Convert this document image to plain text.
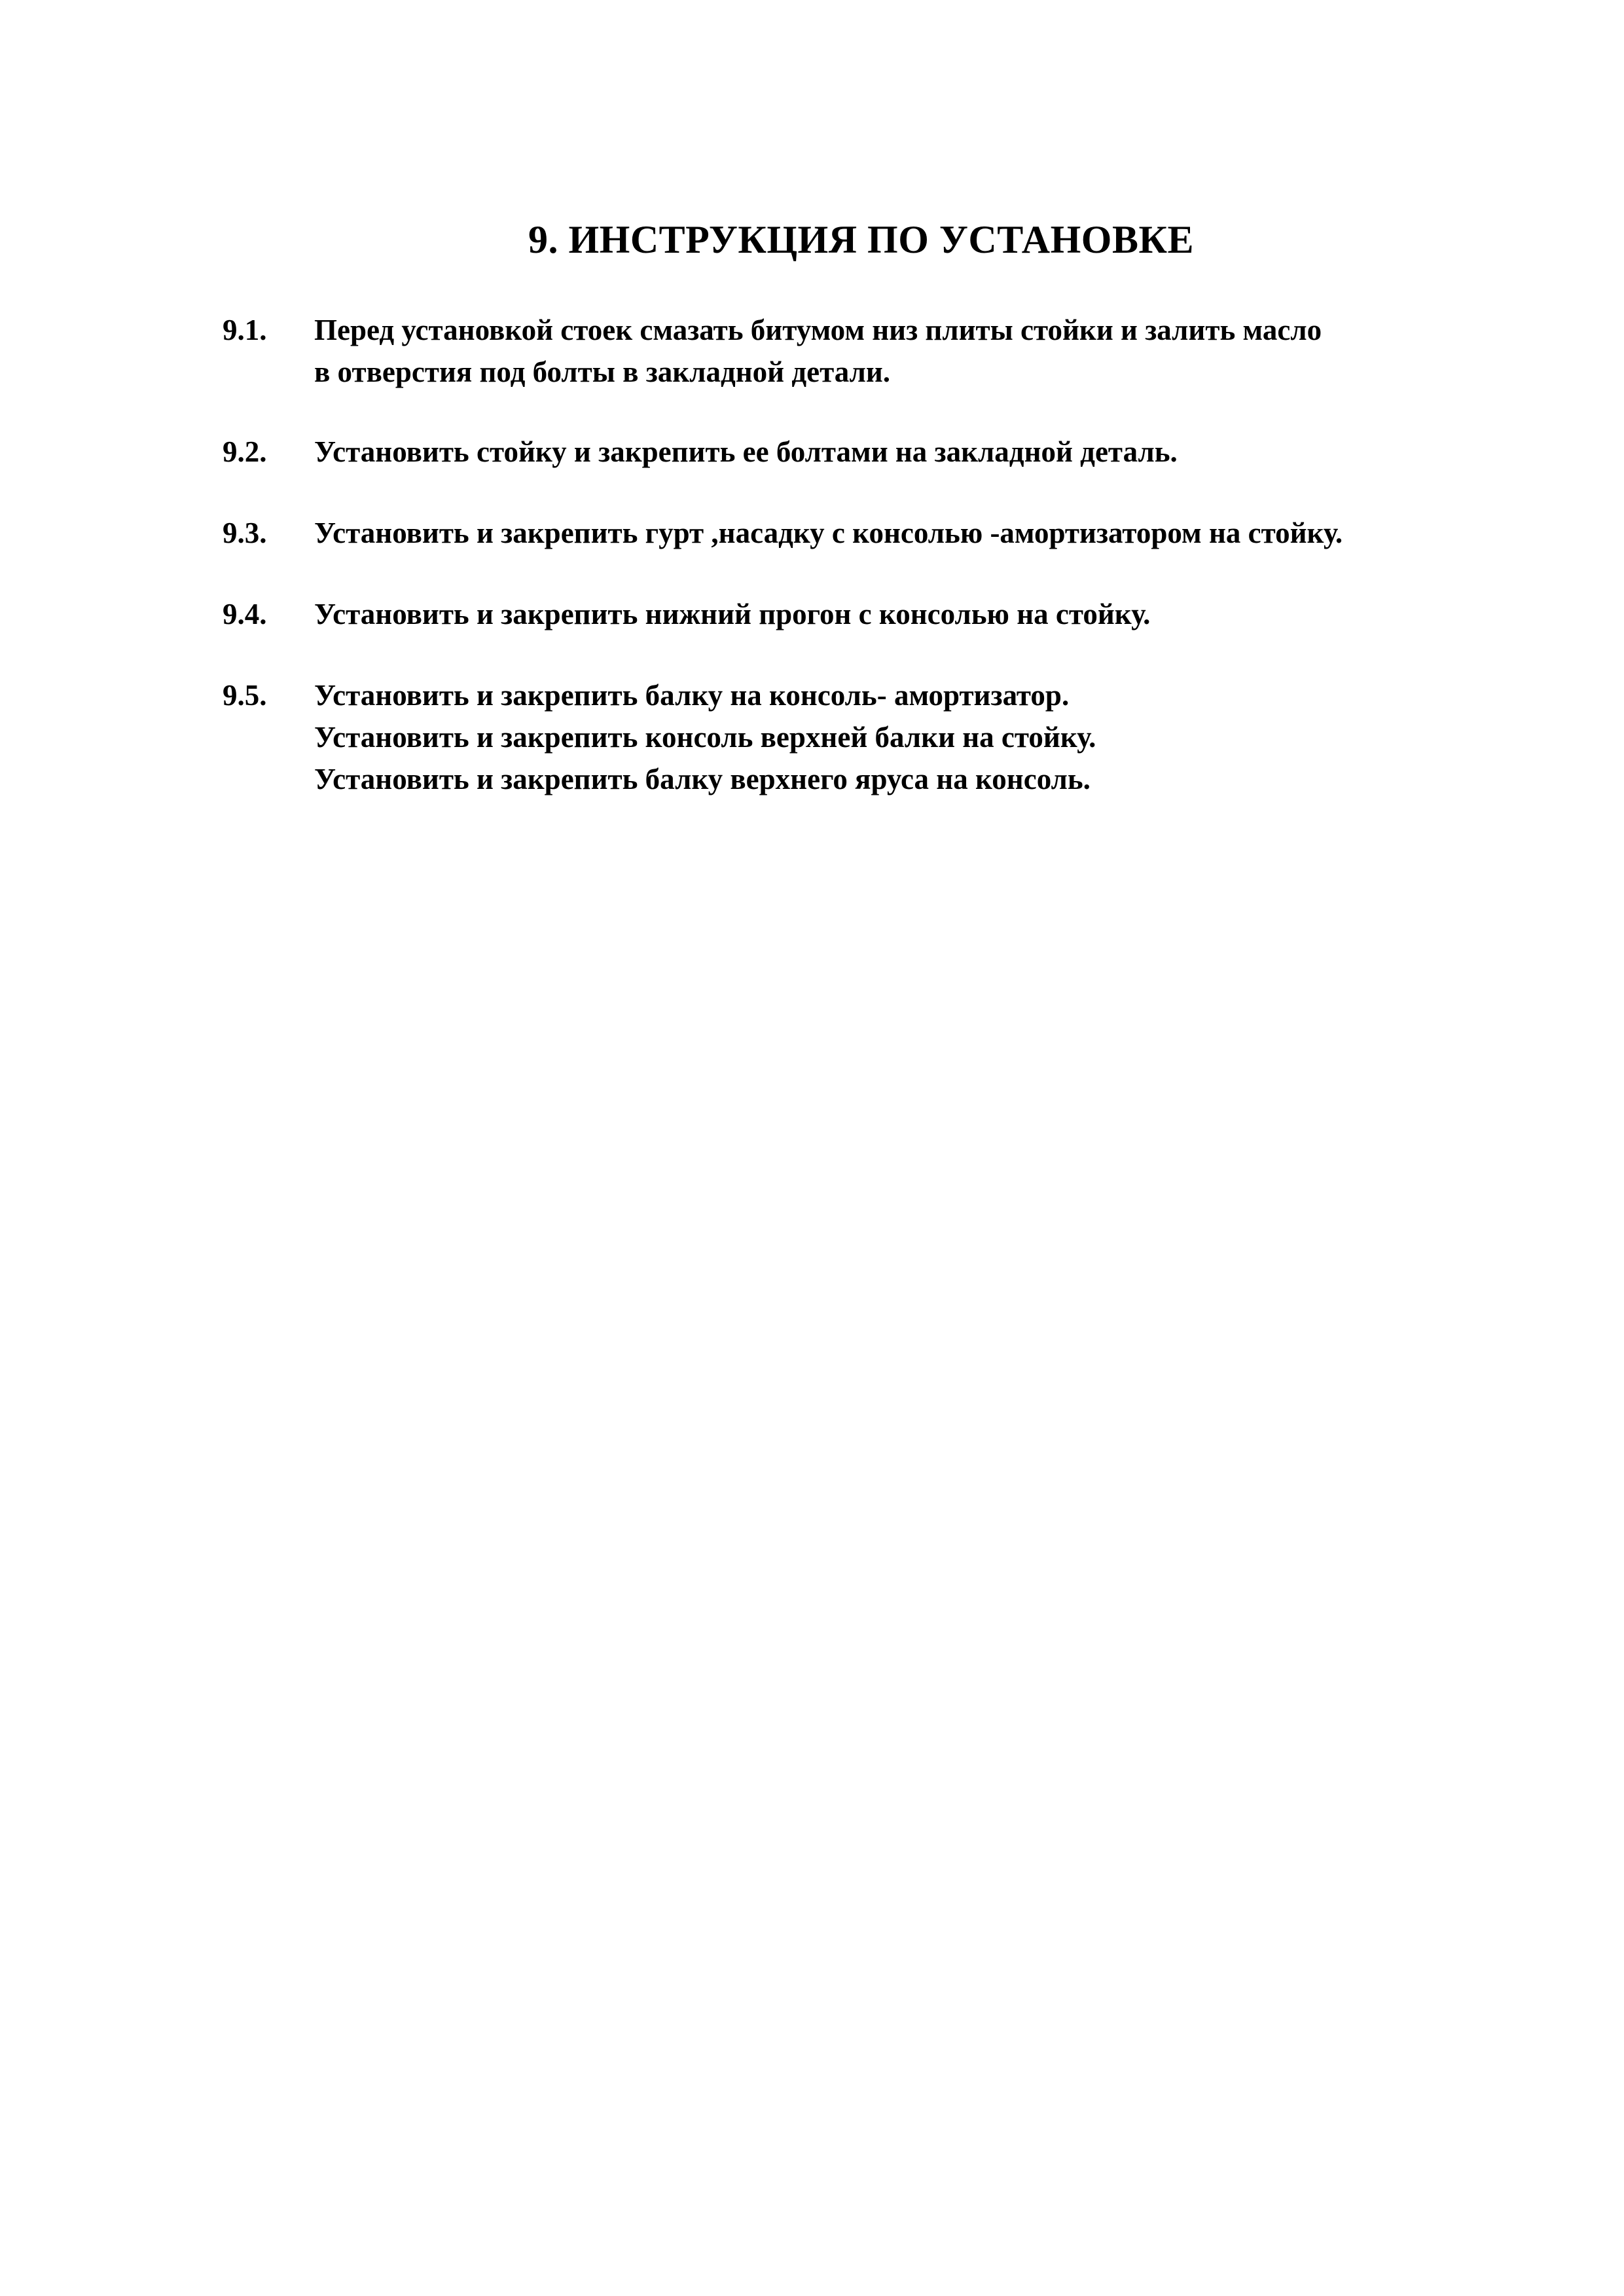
9. ИНСТРУКЦИЯ ПО УСТАНОВКЕ
9.1.	Перед установкой стоек смазать битумом низ плиты стойки и залить масло
в отверстия под болты в закладной детали.
9.2.	Установить стойку и закрепить ее болтами на закладной деталь.
9.3.	Установить и закрепить гурт ,насадку с консолью -амортизатором на стойку.
9.4.	Установить и закрепить нижний прогон с консолью на стойку.
9.5.	Установить и закрепить балку на консоль- амортизатор.
Установить и закрепить консоль верхней балки на стойку.
Установить и закрепить балку верхнего яруса на консоль.
